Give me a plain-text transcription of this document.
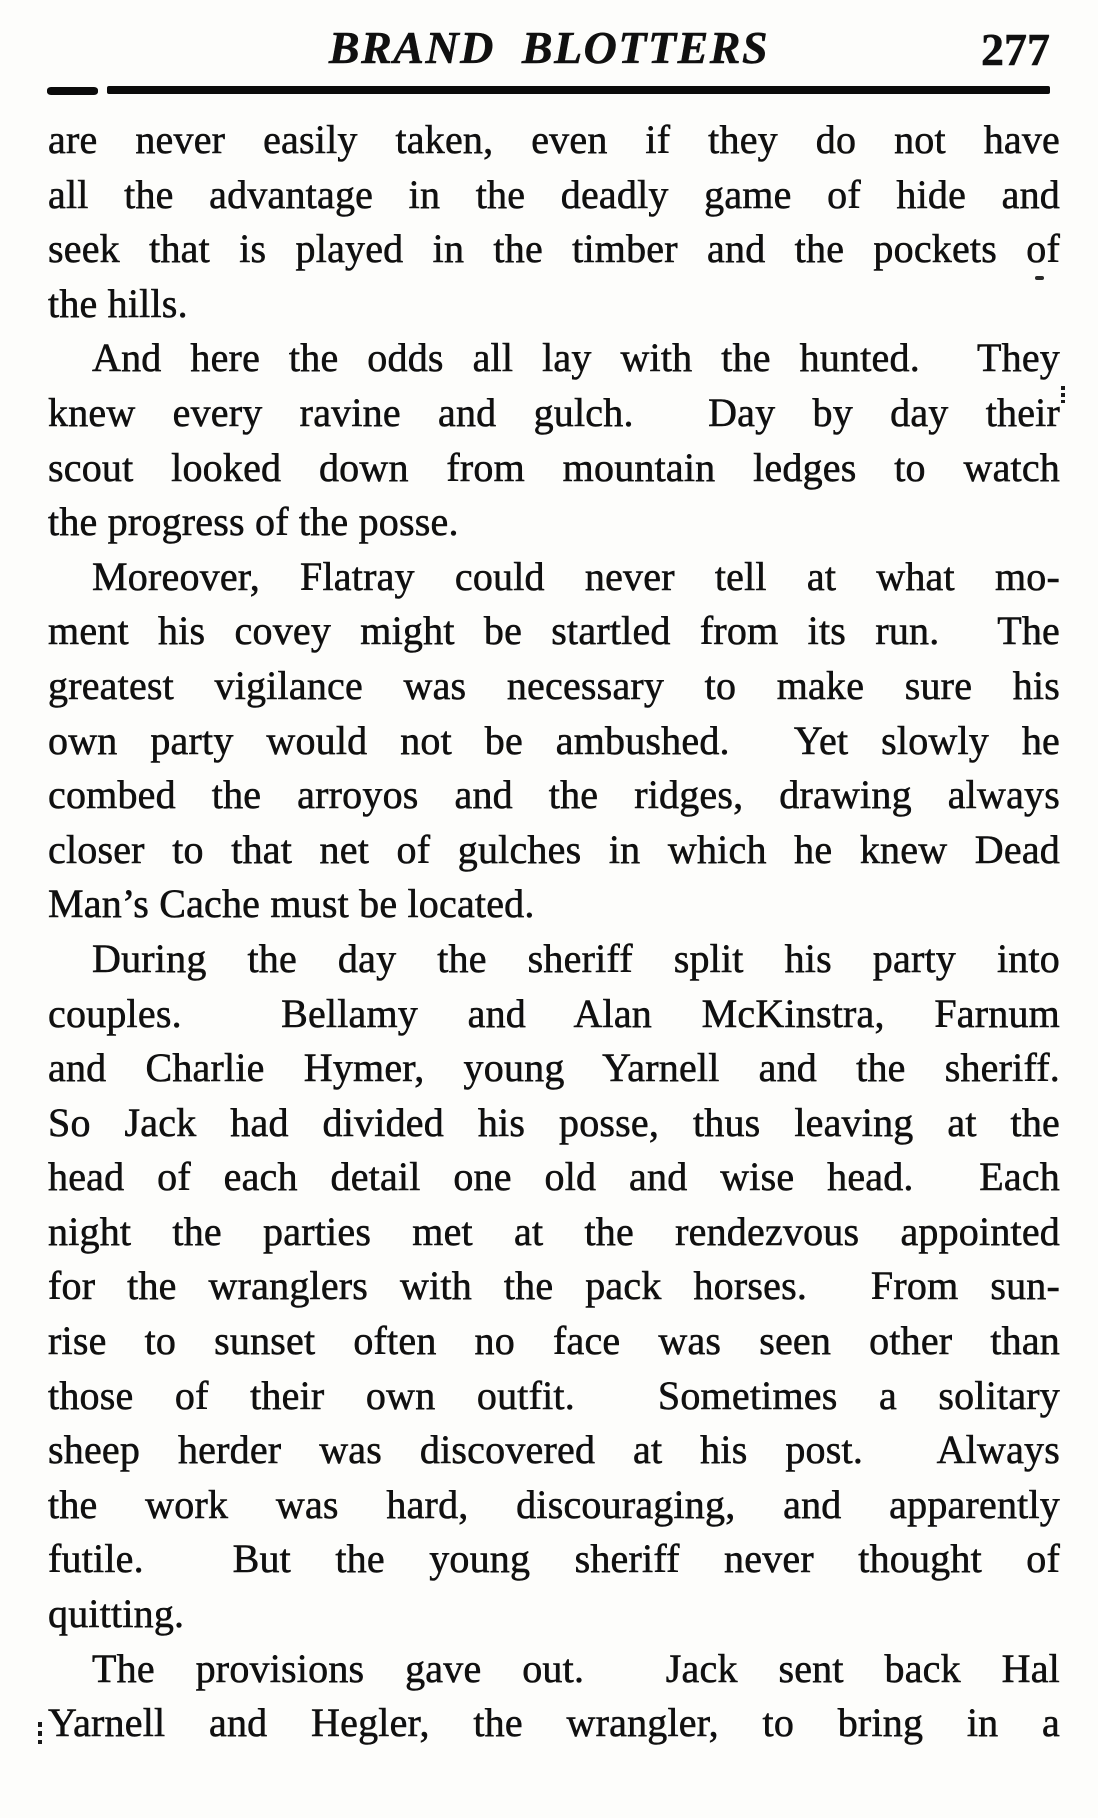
BRAND BLOTTERS	277

are never easily taken, even if they do not have
all the advantage in the deadly game of hide and
seek that is played in the timber and the pockets of
the hills.

And here the odds all lay with the hunted.  They
knew every ravine and gulch.  Day by day their
scout looked down from mountain ledges to watch
the progress of the posse.

Moreover, Flatray could never tell at what mo-
ment his covey might be startled from its run.  The
greatest vigilance was necessary to make sure his
own party would not be ambushed.  Yet slowly he
combed the arroyos and the ridges, drawing always
closer to that net of gulches in which he knew Dead
Man’s Cache must be located.

During the day the sheriff split his party into
couples.  Bellamy and Alan McKinstra, Farnum
and Charlie Hymer, young Yarnell and the sheriff.
So Jack had divided his posse, thus leaving at the
head of each detail one old and wise head.  Each
night the parties met at the rendezvous appointed
for the wranglers with the pack horses.  From sun-
rise to sunset often no face was seen other than
those of their own outfit.  Sometimes a solitary
sheep herder was discovered at his post.  Always
the work was hard, discouraging, and apparently
futile.  But the young sheriff never thought of
quitting.

The provisions gave out.  Jack sent back Hal
Yarnell and Hegler, the wrangler, to bring in a
